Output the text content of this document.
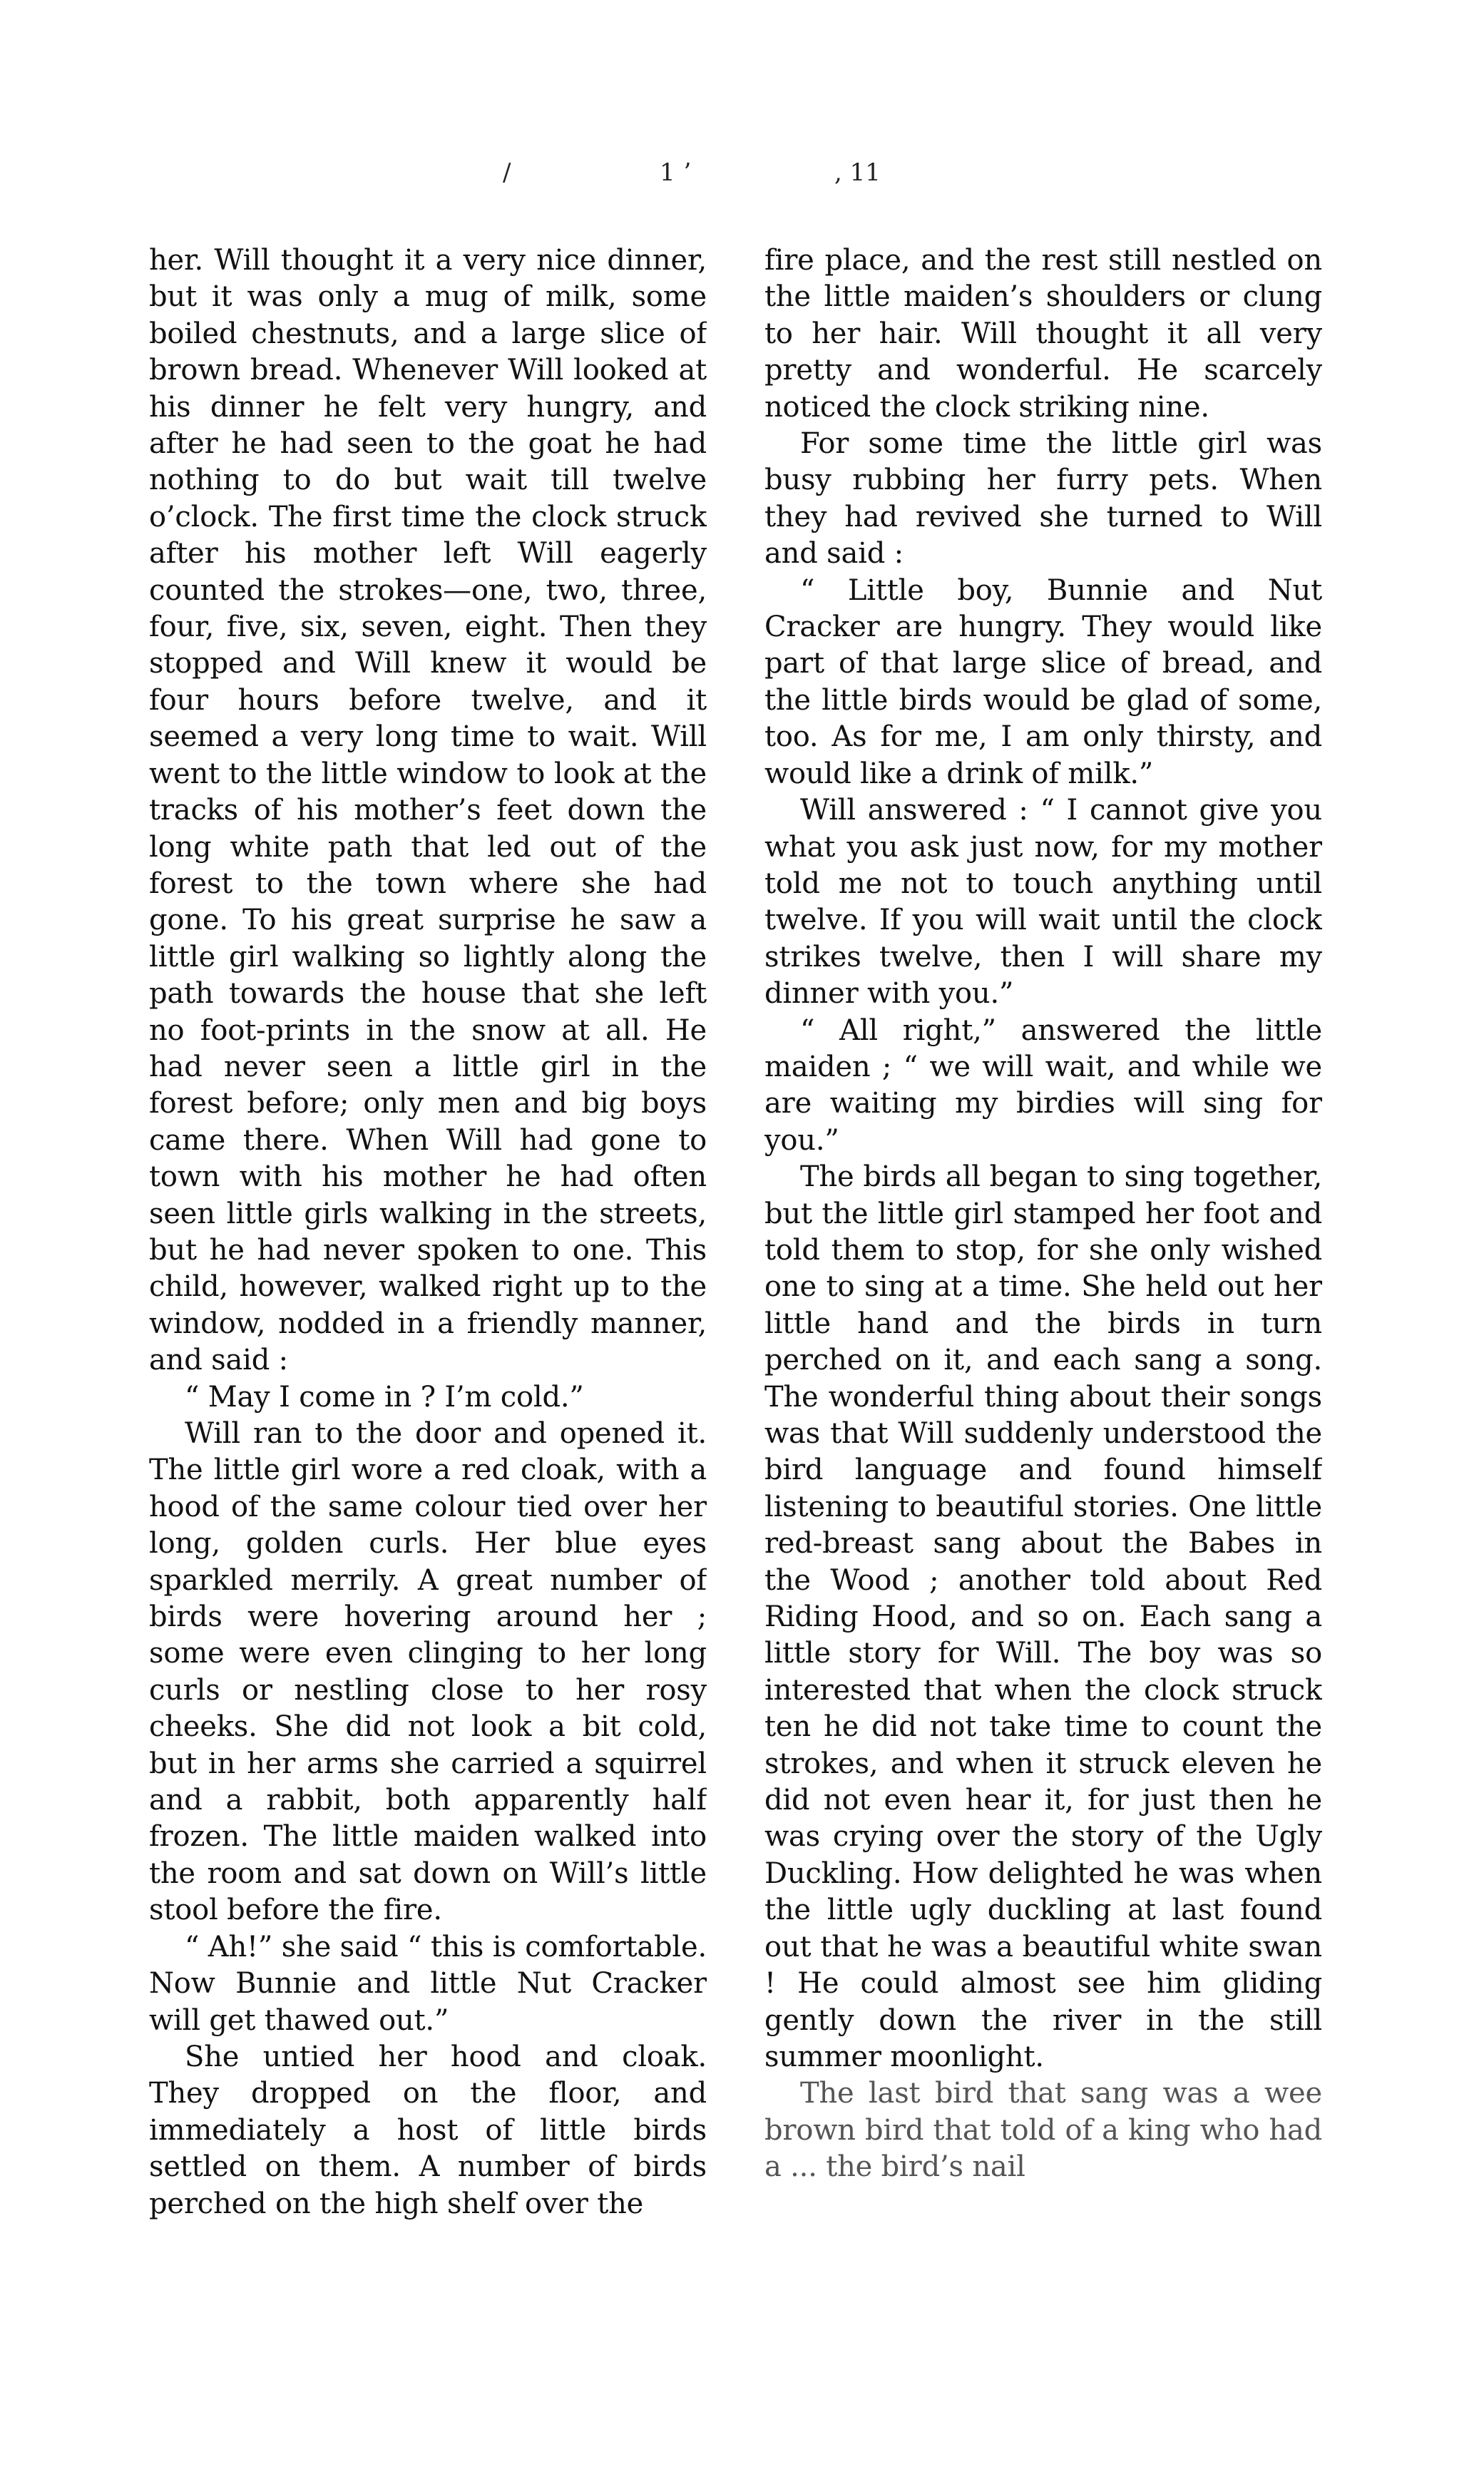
/	1 ʼ	, 11

her. Will thought it a very nice dinner, but it was only a mug of milk, some boiled chestnuts, and a large slice of brown bread. Whenever Will looked at his dinner he felt very hungry, and after he had seen to the goat he had nothing to do but wait till twelve o’clock. The first time the clock struck after his mother left Will eagerly counted the strokes—one, two, three, four, five, six, seven, eight. Then they stopped and Will knew it would be four hours before twelve, and it seemed a very long time to wait. Will went to the little window to look at the tracks of his mother’s feet down the long white path that led out of the forest to the town where she had gone. To his great surprise he saw a little girl walking so lightly along the path towards the house that she left no foot-prints in the snow at all. He had never seen a little girl in the forest before; only men and big boys came there. When Will had gone to town with his mother he had often seen little girls walking in the streets, but he had never spoken to one. This child, however, walked right up to the window, nodded in a friendly manner, and said :

“ May I come in ? I’m cold.”

Will ran to the door and opened it. The little girl wore a red cloak, with a hood of the same colour tied over her long, golden curls. Her blue eyes sparkled merrily. A great number of birds were hovering around her ; some were even clinging to her long curls or nestling close to her rosy cheeks. She did not look a bit cold, but in her arms she carried a squirrel and a rabbit, both apparently half frozen. The little maiden walked into the room and sat down on Will’s little stool before the fire.

“ Ah!” she said “ this is comfortable. Now Bunnie and little Nut Cracker will get thawed out.”

She untied her hood and cloak. They dropped on the floor, and immediately a host of little birds settled on them. A number of birds perched on the high shelf over the

fire place, and the rest still nestled on the little maiden’s shoulders or clung to her hair. Will thought it all very pretty and wonderful. He scarcely noticed the clock striking nine.

For some time the little girl was busy rubbing her furry pets. When they had revived she turned to Will and said :

“ Little boy, Bunnie and Nut Cracker are hungry. They would like part of that large slice of bread, and the little birds would be glad of some, too. As for me, I am only thirsty, and would like a drink of milk.”

Will answered : “ I cannot give you what you ask just now, for my mother told me not to touch anything until twelve. If you will wait until the clock strikes twelve, then I will share my dinner with you.”

“ All right,” answered the little maiden ; “ we will wait, and while we are waiting my birdies will sing for you.”

The birds all began to sing together, but the little girl stamped her foot and told them to stop, for she only wished one to sing at a time. She held out her little hand and the birds in turn perched on it, and each sang a song. The wonderful thing about their songs was that Will suddenly understood the bird language and found himself listening to beautiful stories. One little red-breast sang about the Babes in the Wood ; another told about Red Riding Hood, and so on. Each sang a little story for Will. The boy was so interested that when the clock struck ten he did not take time to count the strokes, and when it struck eleven he did not even hear it, for just then he was crying over the story of the Ugly Duckling. How delighted he was when the little ugly duckling at last found out that he was a beautiful white swan ! He could almost see him gliding gently down the river in the still summer moonlight.

The last bird that sang was a wee brown bird that told of a king who had a ... the bird’s nail
